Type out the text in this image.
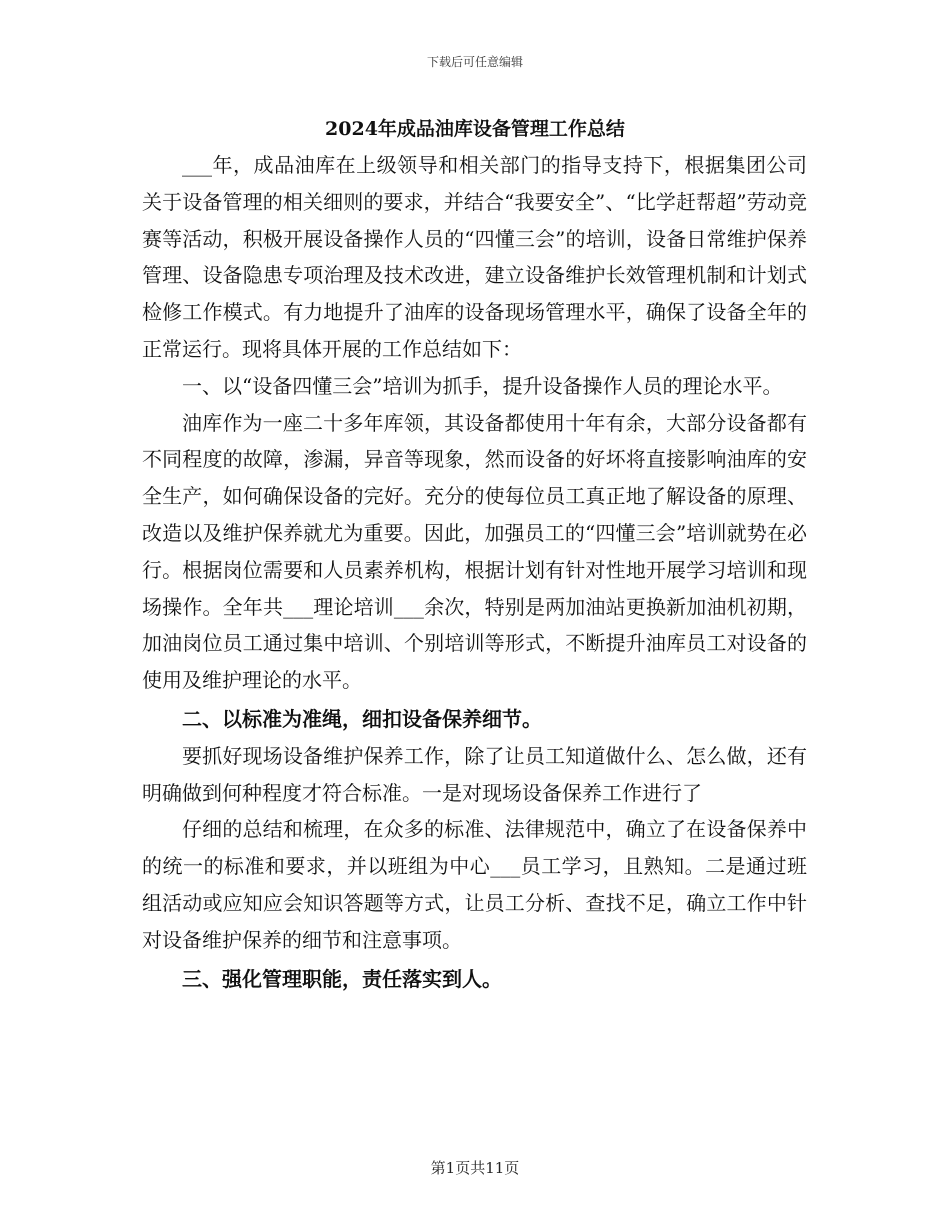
下载后可任意编辑
2024年成品油库设备管理工作总结

___年，成品油库在上级领导和相关部门的指导支持下，根据集团公司关于设备管理的相关细则的要求，并结合“我要安全”、“比学赶帮超”劳动竞赛等活动，积极开展设备操作人员的“四懂三会”的培训，设备日常维护保养管理、设备隐患专项治理及技术改进，建立设备维护长效管理机制和计划式检修工作模式。有力地提升了油库的设备现场管理水平，确保了设备全年的正常运行。现将具体开展的工作总结如下：

一、以“设备四懂三会”培训为抓手，提升设备操作人员的理论水平。

油库作为一座二十多年库领，其设备都使用十年有余，大部分设备都有不同程度的故障，渗漏，异音等现象，然而设备的好坏将直接影响油库的安全生产，如何确保设备的完好。充分的使每位员工真正地了解设备的原理、改造以及维护保养就尤为重要。因此，加强员工的“四懂三会”培训就势在必行。根据岗位需要和人员素养机构，根据计划有针对性地开展学习培训和现场操作。全年共___理论培训___余次，特别是两加油站更换新加油机初期，加油岗位员工通过集中培训、个别培训等形式，不断提升油库员工对设备的使用及维护理论的水平。

二、以标准为准绳，细扣设备保养细节。

要抓好现场设备维护保养工作，除了让员工知道做什么、怎么做，还有明确做到何种程度才符合标准。一是对现场设备保养工作进行了

仔细的总结和梳理，在众多的标准、法律规范中，确立了在设备保养中的统一的标准和要求，并以班组为中心___员工学习，且熟知。二是通过班组活动或应知应会知识答题等方式，让员工分析、查找不足，确立工作中针对设备维护保养的细节和注意事项。

三、强化管理职能，责任落实到人。

第1页共11页
